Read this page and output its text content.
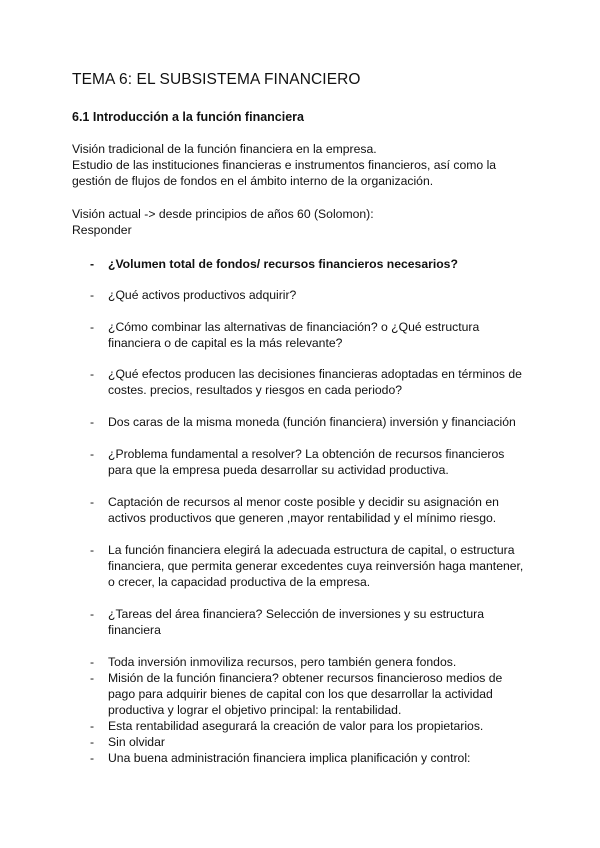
TEMA 6: EL SUBSISTEMA FINANCIERO
6.1 Introducción a la función financiera
Visión tradicional de la función financiera en la empresa.
Estudio de las instituciones financieras e instrumentos financieros, así como la
gestión de flujos de fondos en el ámbito interno de la organización.
Visión actual -> desde principios de años 60 (Solomon):
Responder
- ¿Volumen total de fondos/ recursos financieros necesarios?
- ¿Qué activos productivos adquirir?
- ¿Cómo combinar las alternativas de financiación? o ¿Qué estructura
financiera o de capital es la más relevante?
- ¿Qué efectos producen las decisiones financieras adoptadas en términos de
costes. precios, resultados y riesgos en cada periodo?
- Dos caras de la misma moneda (función financiera) inversión y financiación
- ¿Problema fundamental a resolver? La obtención de recursos financieros
para que la empresa pueda desarrollar su actividad productiva.
- Captación de recursos al menor coste posible y decidir su asignación en
activos productivos que generen ,mayor rentabilidad y el mínimo riesgo.
- La función financiera elegirá la adecuada estructura de capital, o estructura
financiera, que permita generar excedentes cuya reinversión haga mantener,
o crecer, la capacidad productiva de la empresa.
- ¿Tareas del área financiera? Selección de inversiones y su estructura
financiera
- Toda inversión inmoviliza recursos, pero también genera fondos.
- Misión de la función financiera? obtener recursos financieroso medios de
pago para adquirir bienes de capital con los que desarrollar la actividad
productiva y lograr el objetivo principal: la rentabilidad.
- Esta rentabilidad asegurará la creación de valor para los propietarios.
- Sin olvidar
- Una buena administración financiera implica planificación y control:
